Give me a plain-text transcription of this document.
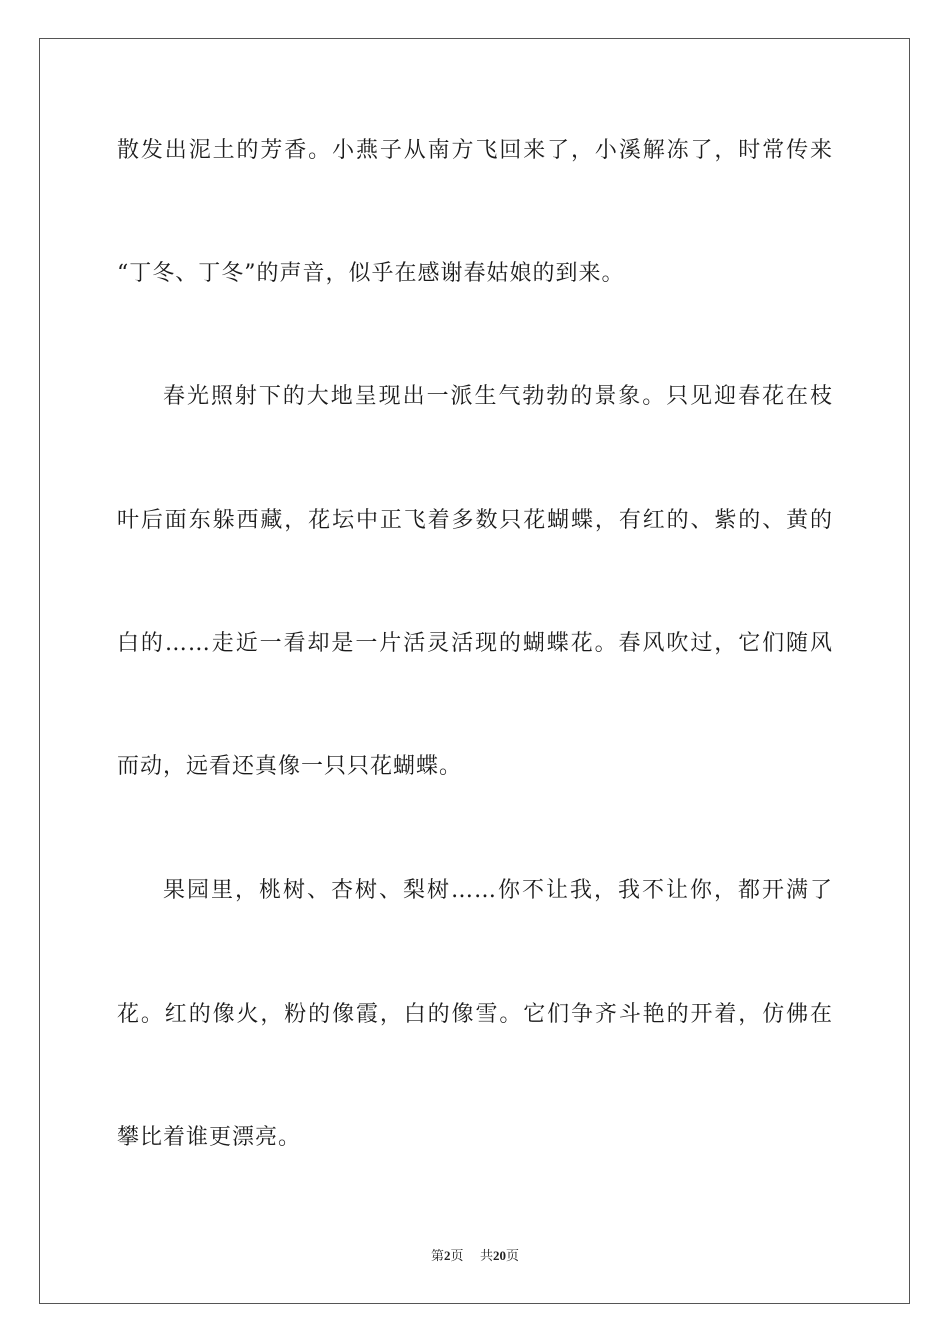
散发出泥土的芳香。小燕子从南方飞回来了，小溪解冻了，时常传来
“丁冬、丁冬”的声音，似乎在感谢春姑娘的到来。
春光照射下的大地呈现出一派生气勃勃的景象。只见迎春花在枝
叶后面东躲西藏，花坛中正飞着多数只花蝴蝶，有红的、紫的、黄的
白的……走近一看却是一片活灵活现的蝴蝶花。春风吹过，它们随风
而动，远看还真像一只只花蝴蝶。
果园里，桃树、杏树、梨树……你不让我，我不让你，都开满了
花。红的像火，粉的像霞，白的像雪。它们争齐斗艳的开着，仿佛在
攀比着谁更漂亮。
第2页 共20页
